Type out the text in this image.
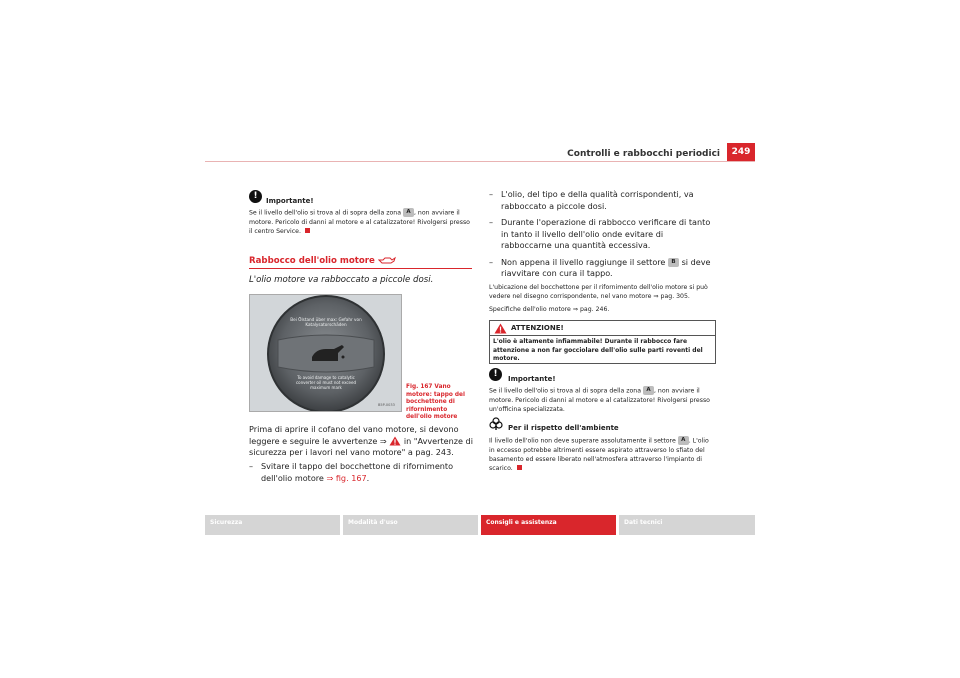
Controlli e rabbocchi periodici	249
!	Importante!
Se il livello dell'olio si trova al di sopra della zona A , non avviare il motore. Pericolo di danni al motore e al catalizzatore! Rivolgersi presso il centro Service.
Rabbocco dell'olio motore
L'olio motore va rabboccato a piccole dosi.
Bei Ölstand über max: Gefahr von Katalysatorschäden
To avoid damage to catalytic converter oil must not exceed maximum mark
B5P-0033
Fig. 167 Vano motore: tappo del bocchettone di rifornimento dell'olio motore
Prima di aprire il cofano del vano motore, si devono leggere e seguire le avvertenze ⇒ in "Avvertenze di sicurezza per i lavori nel vano motore" a pag. 243.
– Svitare il tappo del bocchettone di rifornimento dell'olio motore ⇒ fig. 167.
– L'olio, del tipo e della qualità corrispondenti, va rabboccato a piccole dosi.
– Durante l'operazione di rabbocco verificare di tanto in tanto il livello dell'olio onde evitare di rabboccarne una quantità eccessiva.
– Non appena il livello raggiunge il settore B si deve riavvitare con cura il tappo.
L'ubicazione del bocchettone per il rifornimento dell'olio motore si può vedere nel disegno corrispondente, nel vano motore ⇒ pag. 305.
Specifiche dell'olio motore ⇒ pag. 246.
ATTENZIONE!
L'olio è altamente infiammabile! Durante il rabbocco fare attenzione a non far gocciolare dell'olio sulle parti roventi del motore.
!	Importante!
Se il livello dell'olio si trova al di sopra della zona A , non avviare il motore. Pericolo di danni al motore e al catalizzatore! Rivolgersi presso un'officina specializzata.
Per il rispetto dell'ambiente
Il livello dell'olio non deve superare assolutamente il settore A . L'olio in eccesso potrebbe altrimenti essere aspirato attraverso lo sfiato del basamento ed essere liberato nell'atmosfera attraverso l'impianto di scarico.
Sicurezza	Modalità d'uso	Consigli e assistenza	Dati tecnici
